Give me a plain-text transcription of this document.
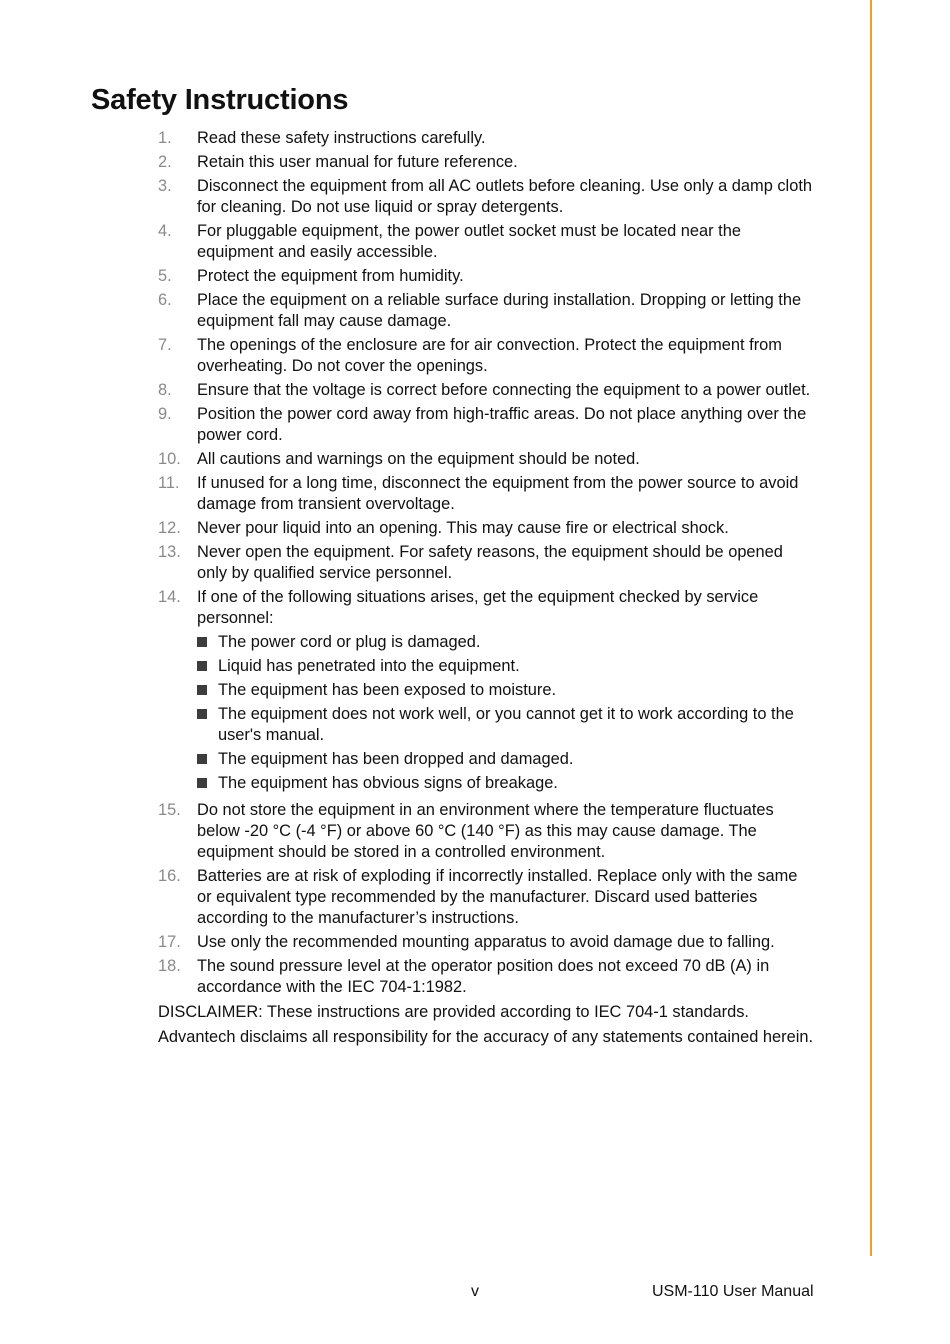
Safety Instructions
1.	Read these safety instructions carefully.
2.	Retain this user manual for future reference.
3.	Disconnect the equipment from all AC outlets before cleaning. Use only a damp cloth for cleaning. Do not use liquid or spray detergents.
4.	For pluggable equipment, the power outlet socket must be located near the equipment and easily accessible.
5.	Protect the equipment from humidity.
6.	Place the equipment on a reliable surface during installation. Dropping or letting the equipment fall may cause damage.
7.	The openings of the enclosure are for air convection. Protect the equipment from overheating. Do not cover the openings.
8.	Ensure that the voltage is correct before connecting the equipment to a power outlet.
9.	Position the power cord away from high-traffic areas. Do not place anything over the power cord.
10. All cautions and warnings on the equipment should be noted.
11.	If unused for a long time, disconnect the equipment from the power source to avoid damage from transient overvoltage.
12. Never pour liquid into an opening. This may cause fire or electrical shock.
13. Never open the equipment. For safety reasons, the equipment should be opened only by qualified service personnel.
14. If one of the following situations arises, get the equipment checked by service personnel:
The power cord or plug is damaged.
Liquid has penetrated into the equipment.
The equipment has been exposed to moisture.
The equipment does not work well, or you cannot get it to work according to the user's manual.
The equipment has been dropped and damaged.
The equipment has obvious signs of breakage.
15. Do not store the equipment in an environment where the temperature fluctuates below -20 °C (-4 °F) or above 60 °C (140 °F) as this may cause damage. The equipment should be stored in a controlled environment.
16. Batteries are at risk of exploding if incorrectly installed. Replace only with the same or equivalent type recommended by the manufacturer. Discard used batteries according to the manufacturer’s instructions.
17. Use only the recommended mounting apparatus to avoid damage due to falling.
18. The sound pressure level at the operator position does not exceed 70 dB (A) in accordance with the IEC 704-1:1982.
DISCLAIMER: These instructions are provided according to IEC 704-1 standards.
Advantech disclaims all responsibility for the accuracy of any statements contained herein.
v	USM-110 User Manual
